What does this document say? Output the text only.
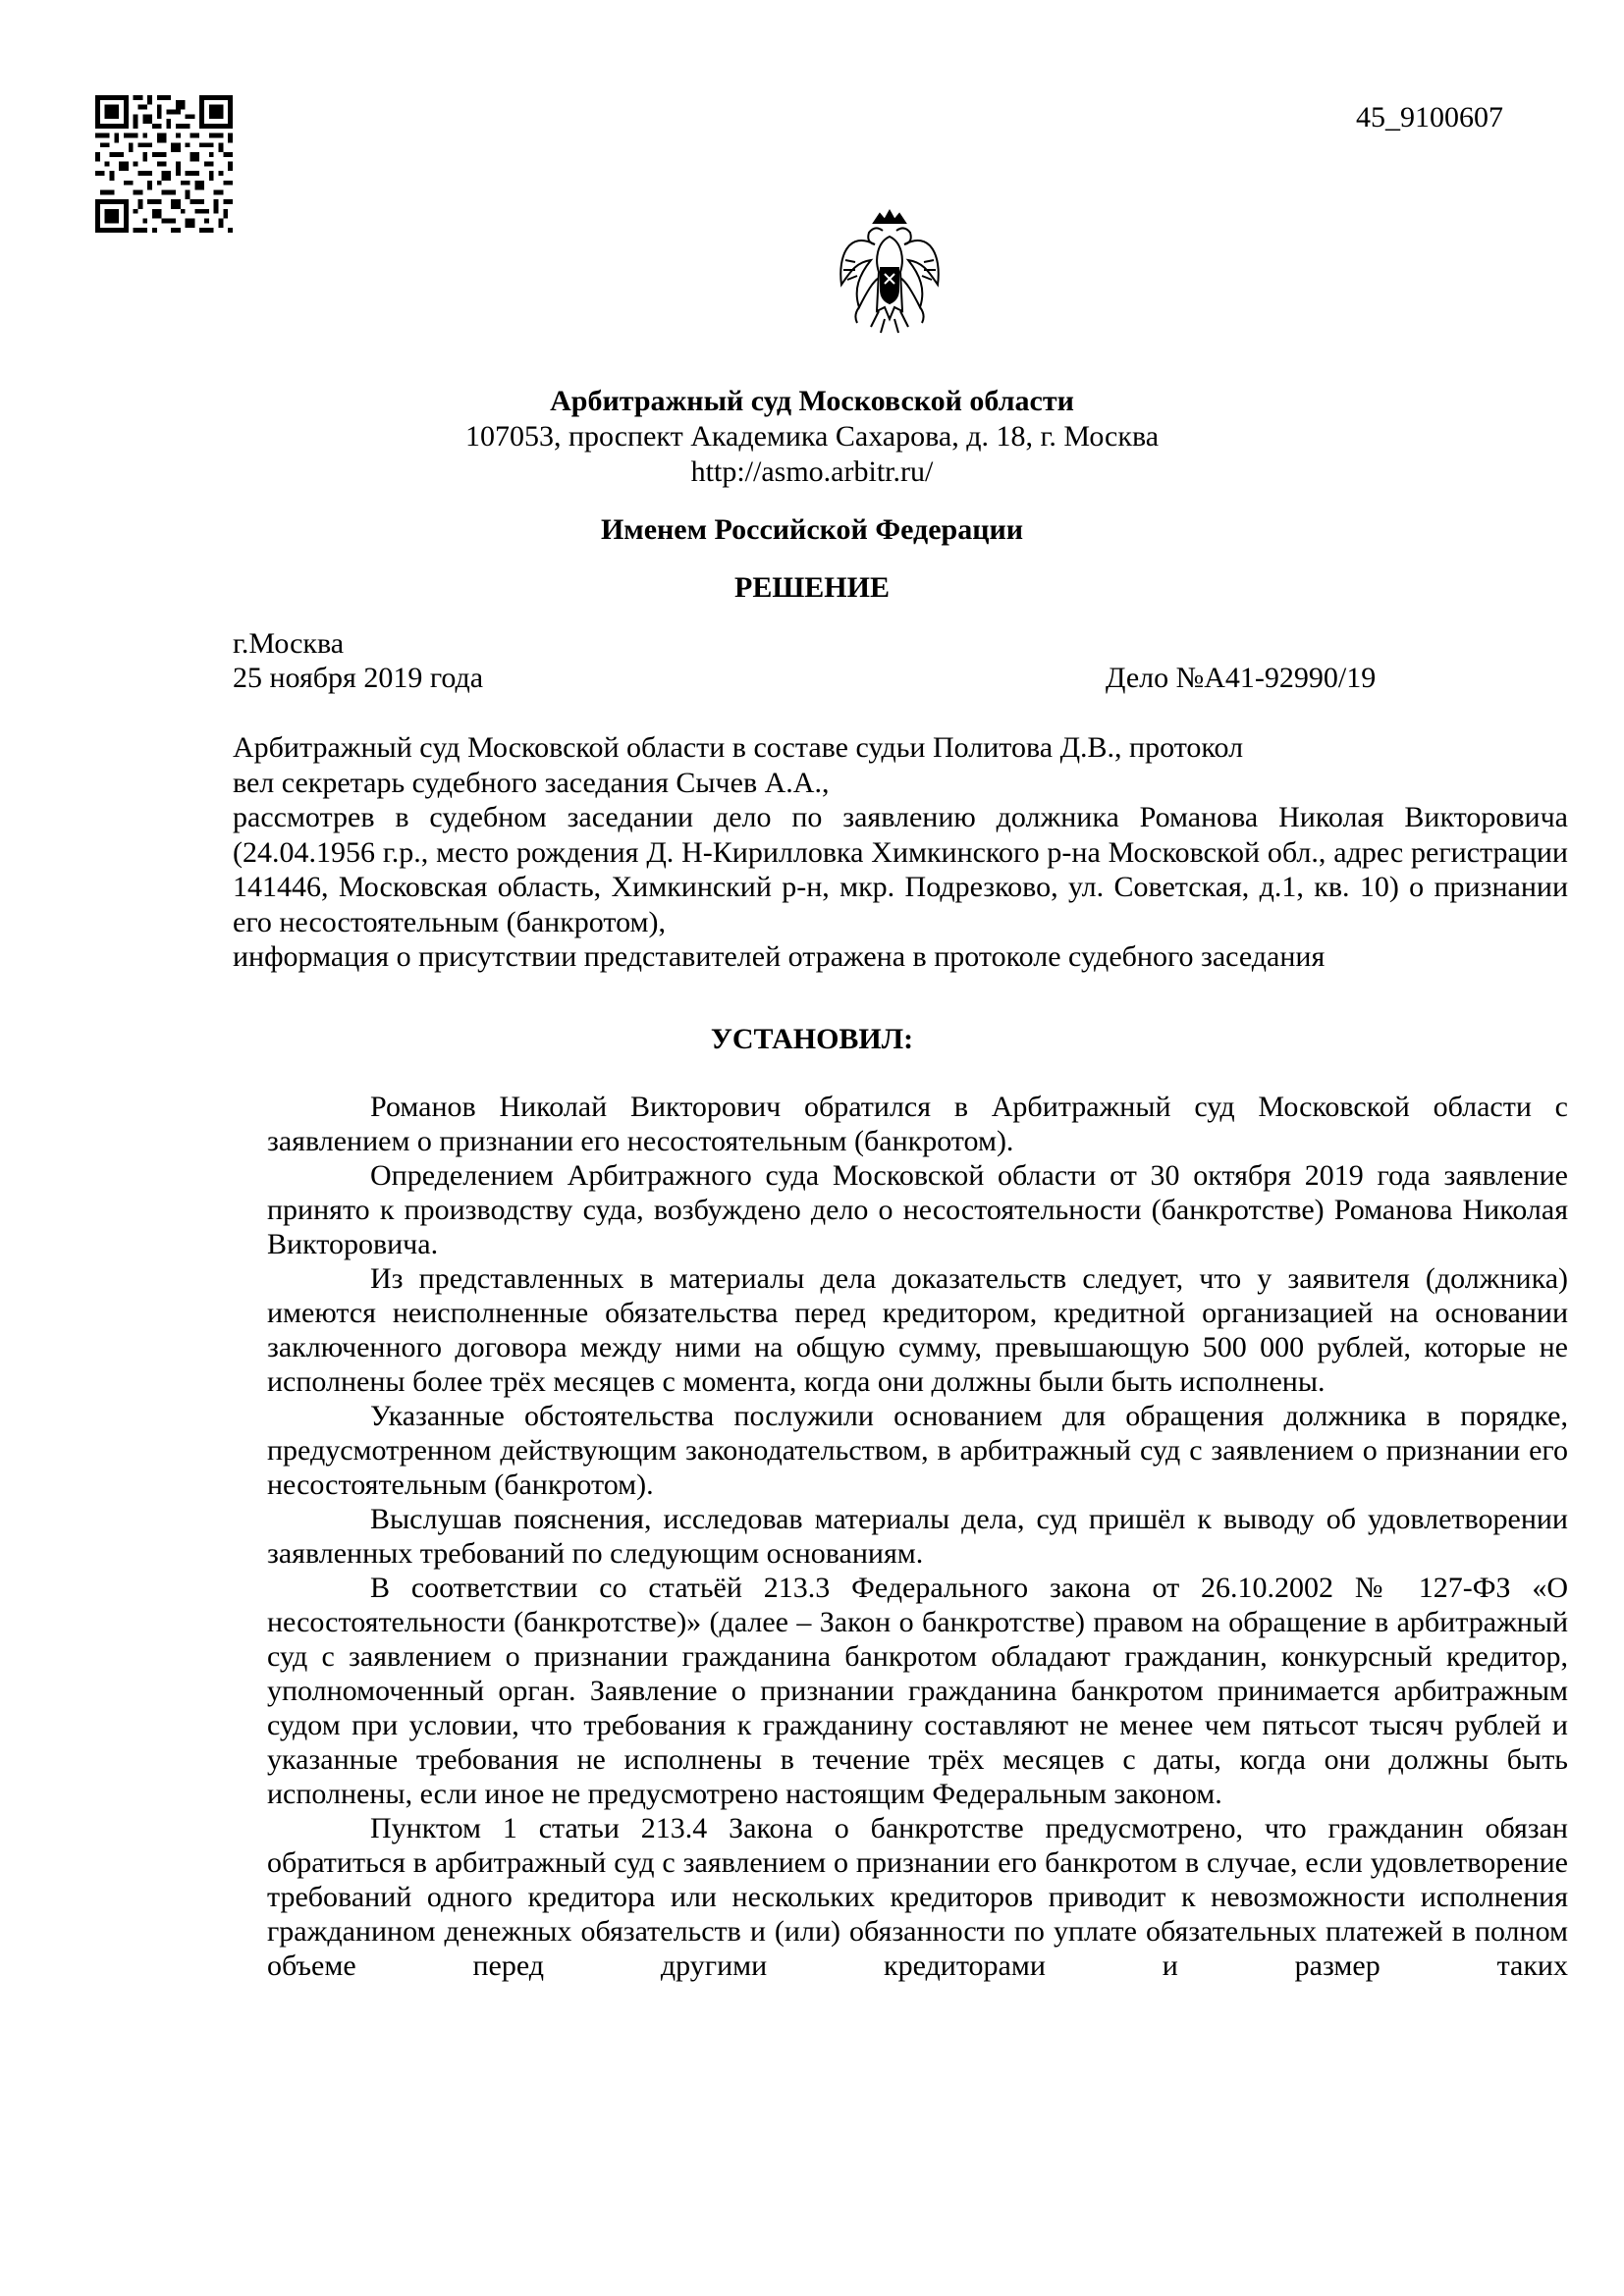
45_9100607
Арбитражный суд Московской области
107053, проспект Академика Сахарова, д. 18, г. Москва
http://asmo.arbitr.ru/
Именем Российской Федерации
РЕШЕНИЕ
г.Москва
25 ноября 2019 года	Дело №А41-92990/19

Арбитражный суд Московской области в составе судьи Политова Д.В., протокол

вел секретарь судебного заседания Сычев А.А.,

рассмотрев в судебном заседании дело по заявлению должника Романова Николая Викторовича (24.04.1956 г.р., место рождения Д. Н-Кирилловка Химкинского р-на Московской обл., адрес регистрации 141446, Московская область, Химкинский р-н, мкр. Подрезково, ул. Советская, д.1, кв. 10) о признании его несостоятельным (банкротом),

информация о присутствии представителей отражена в протоколе судебного заседания

УСТАНОВИЛ:

Романов Николай Викторович обратился в Арбитражный суд Московской области с заявлением о признании его несостоятельным (банкротом).

Определением Арбитражного суда Московской области от 30 октября 2019 года заявление принято к производству суда, возбуждено дело о несостоятельности (банкротстве) Романова Николая Викторовича.

Из представленных в материалы дела доказательств следует, что у заявителя (должника) имеются неисполненные обязательства перед кредитором, кредитной организацией на основании заключенного договора между ними на общую сумму, превышающую 500 000 рублей, которые не исполнены более трёх месяцев с момента, когда они должны были быть исполнены.

Указанные обстоятельства послужили основанием для обращения должника в порядке, предусмотренном действующим законодательством, в арбитражный суд с заявлением о признании его несостоятельным (банкротом).

Выслушав пояснения, исследовав материалы дела, суд пришёл к выводу об удовлетворении заявленных требований по следующим основаниям.

В соответствии со статьёй 213.3 Федерального закона от 26.10.2002 № 127-ФЗ «О несостоятельности (банкротстве)» (далее – Закон о банкротстве) правом на обращение в арбитражный суд с заявлением о признании гражданина банкротом обладают гражданин, конкурсный кредитор, уполномоченный орган. Заявление о признании гражданина банкротом принимается арбитражным судом при условии, что требования к гражданину составляют не менее чем пятьсот тысяч рублей и указанные требования не исполнены в течение трёх месяцев с даты, когда они должны быть исполнены, если иное не предусмотрено настоящим Федеральным законом.

Пунктом 1 статьи 213.4 Закона о банкротстве предусмотрено, что гражданин обязан обратиться в арбитражный суд с заявлением о признании его банкротом в случае, если удовлетворение требований одного кредитора или нескольких кредиторов приводит к невозможности исполнения гражданином денежных обязательств и (или) обязанности по уплате обязательных платежей в полном объеме перед другими кредиторами и размер таких
